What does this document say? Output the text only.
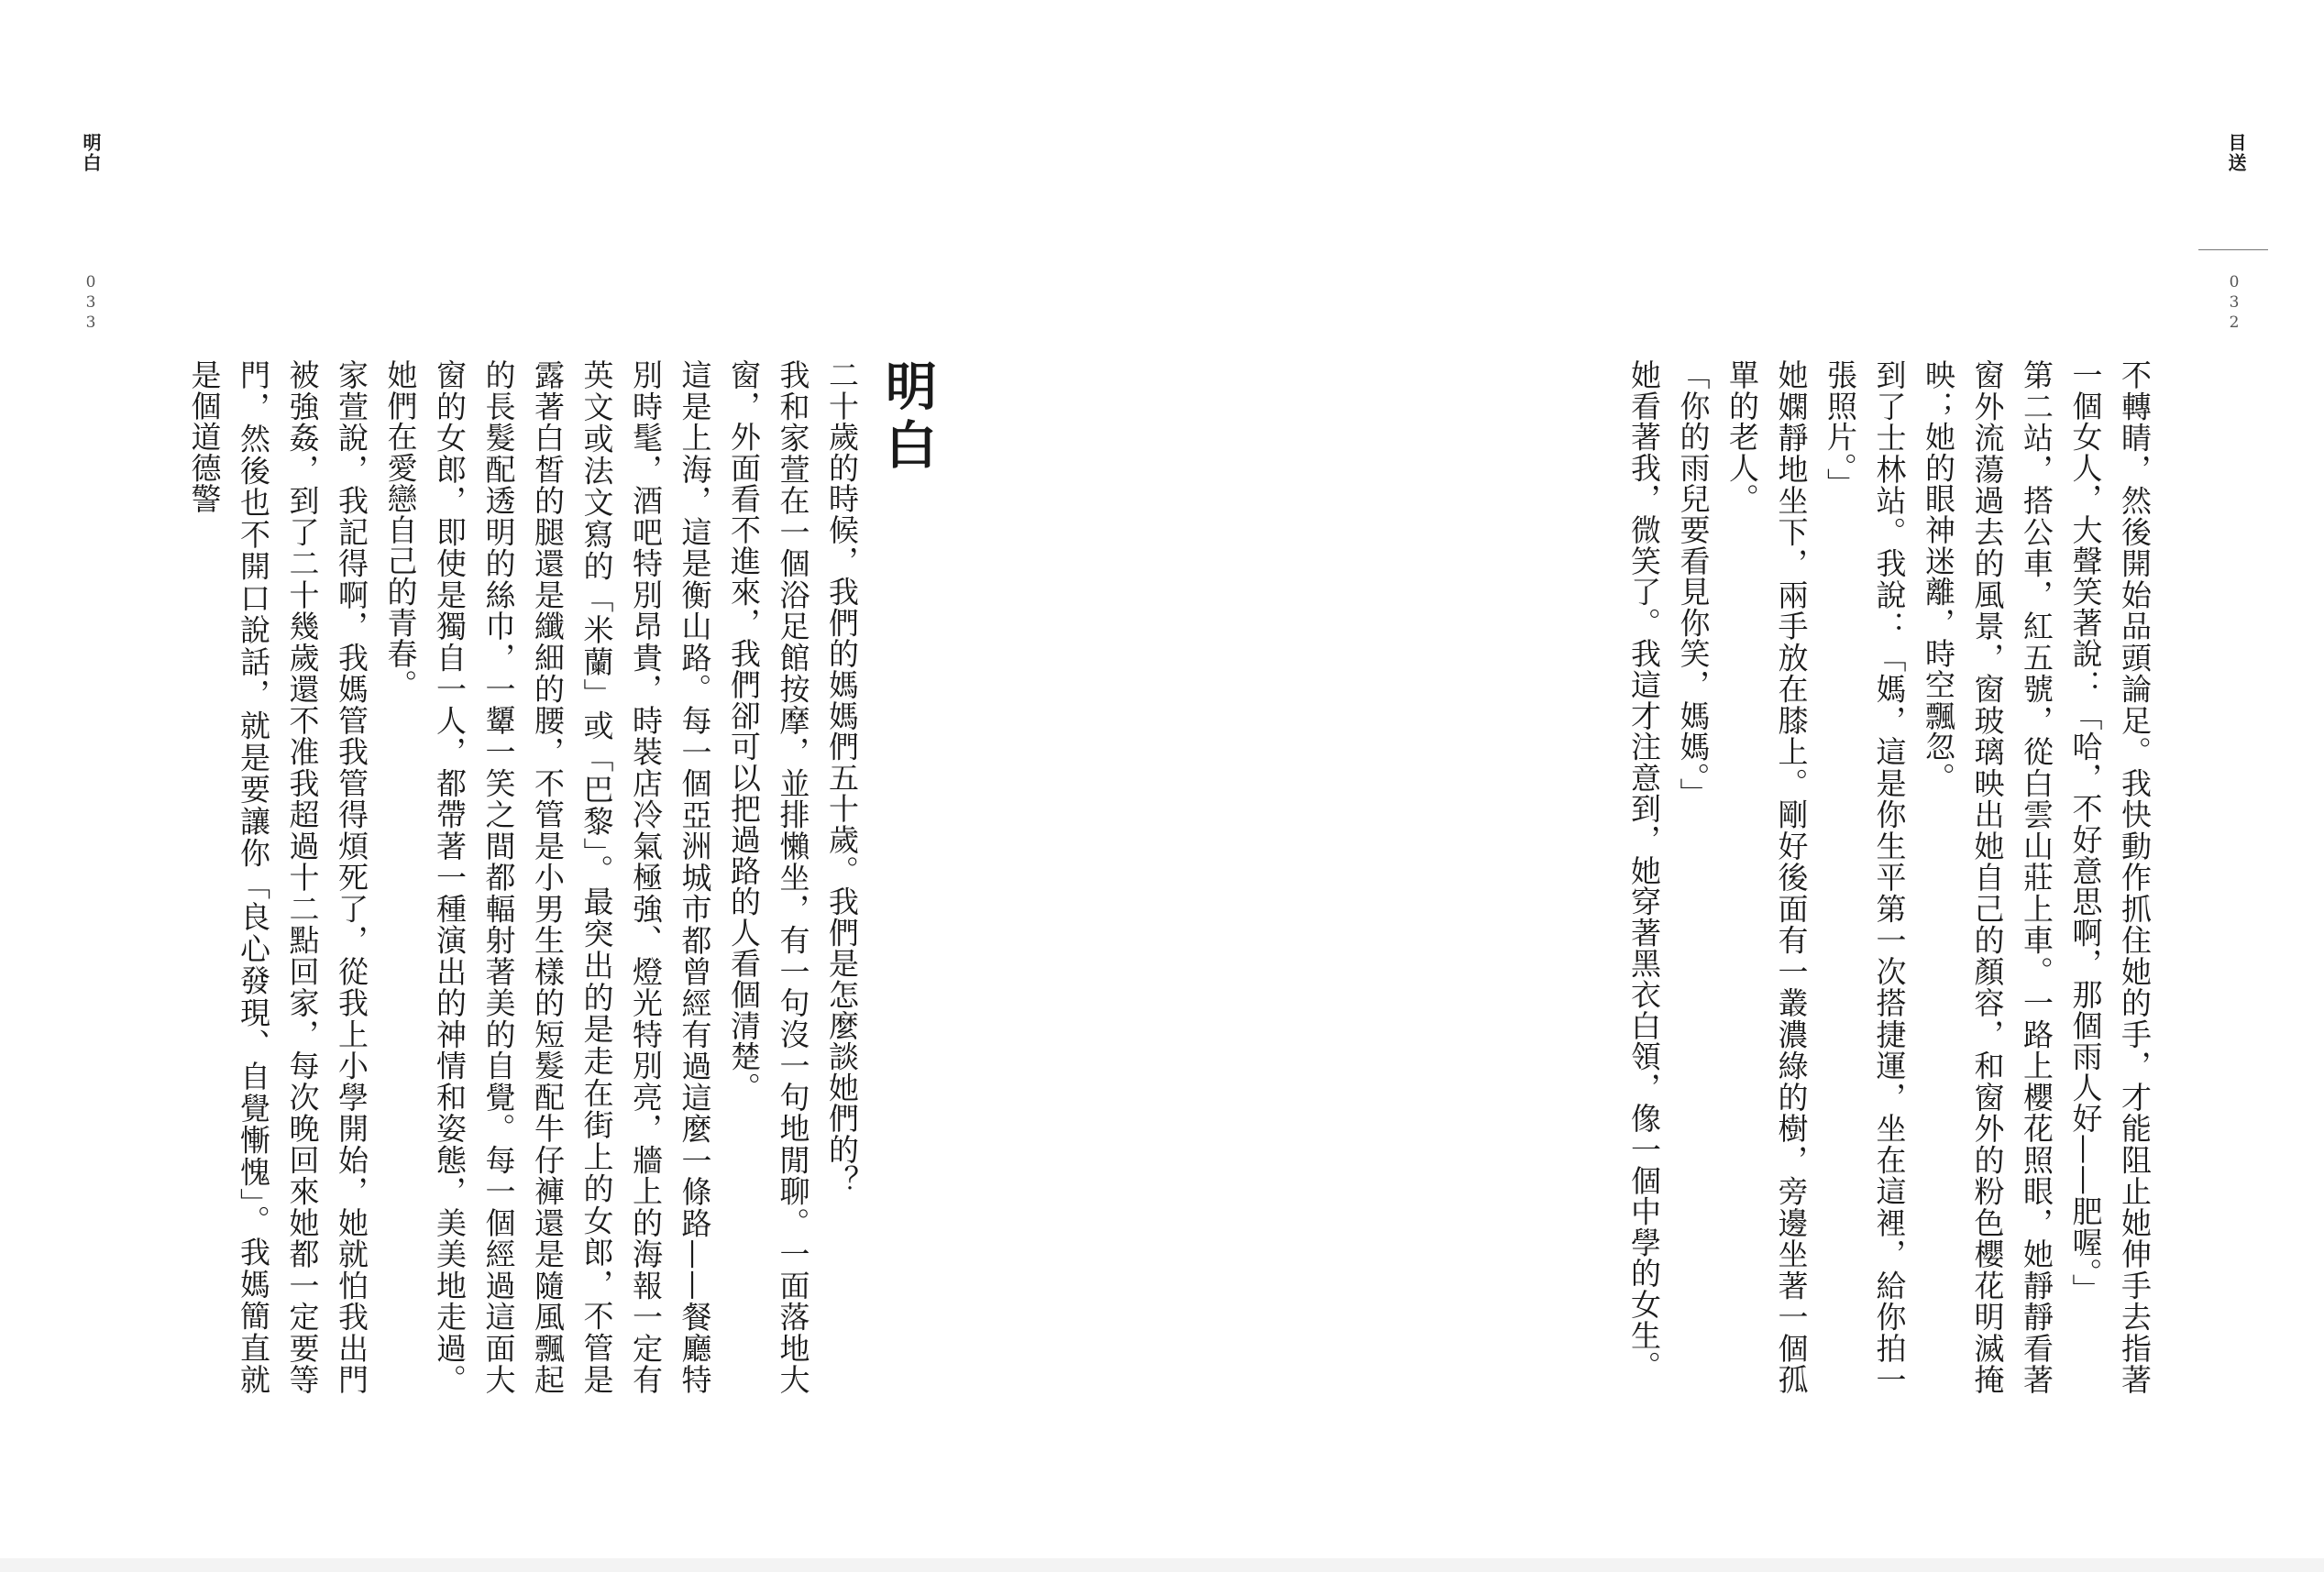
明白
033
明白

二十歲的時候，我們的媽媽們五十歲。我們是怎麼談她們的？

我和家萱在一個浴足館按摩，並排懶坐，有一句沒一句地閒聊。一面落地大窗，外面看不進來，我們卻可以把過路的人看個清楚。

這是上海，這是衡山路。每一個亞洲城市都曾經有過這麼一條路——餐廳特別時髦，酒吧特別昂貴，時裝店冷氣極強、燈光特別亮，牆上的海報一定有英文或法文寫的「米蘭」或「巴黎」。最突出的是走在街上的女郎，不管是露著白皙的腿還是纖細的腰，不管是小男生樣的短髮配牛仔褲還是隨風飄起的長髮配透明的絲巾，一顰一笑之間都輻射著美的自覺。每一個經過這面大窗的女郎，即使是獨自一人，都帶著一種演出的神情和姿態，美美地走過。她們在愛戀自己的青春。

家萱說，我記得啊，我媽管我管得煩死了，從我上小學開始，她就怕我出門被強姦，到了二十幾歲還不准我超過十二點回家，每次晚回來她都一定要等門，然後也不開口說話，就是要讓你「良心發現、自覺慚愧」。我媽簡直就是個道德警

目送
032

不轉睛，然後開始品頭論足。我快動作抓住她的手，才能阻止她伸手去指著一個女人，大聲笑著說：「哈，不好意思啊，那個雨人好——肥喔。」

第二站，搭公車，紅五號，從白雲山莊上車。一路上櫻花照眼，她靜靜看著窗外流蕩過去的風景，窗玻璃映出她自己的顏容，和窗外的粉色櫻花明滅掩映；她的眼神迷離，時空飄忽。

到了士林站。我說：「媽，這是你生平第一次搭捷運，坐在這裡，給你拍一張照片。」

她嫻靜地坐下，兩手放在膝上。剛好後面有一叢濃綠的樹，旁邊坐著一個孤單的老人。

「你的雨兒要看見你笑，媽媽。」

她看著我，微笑了。我這才注意到，她穿著黑衣白領，像一個中學的女生。
